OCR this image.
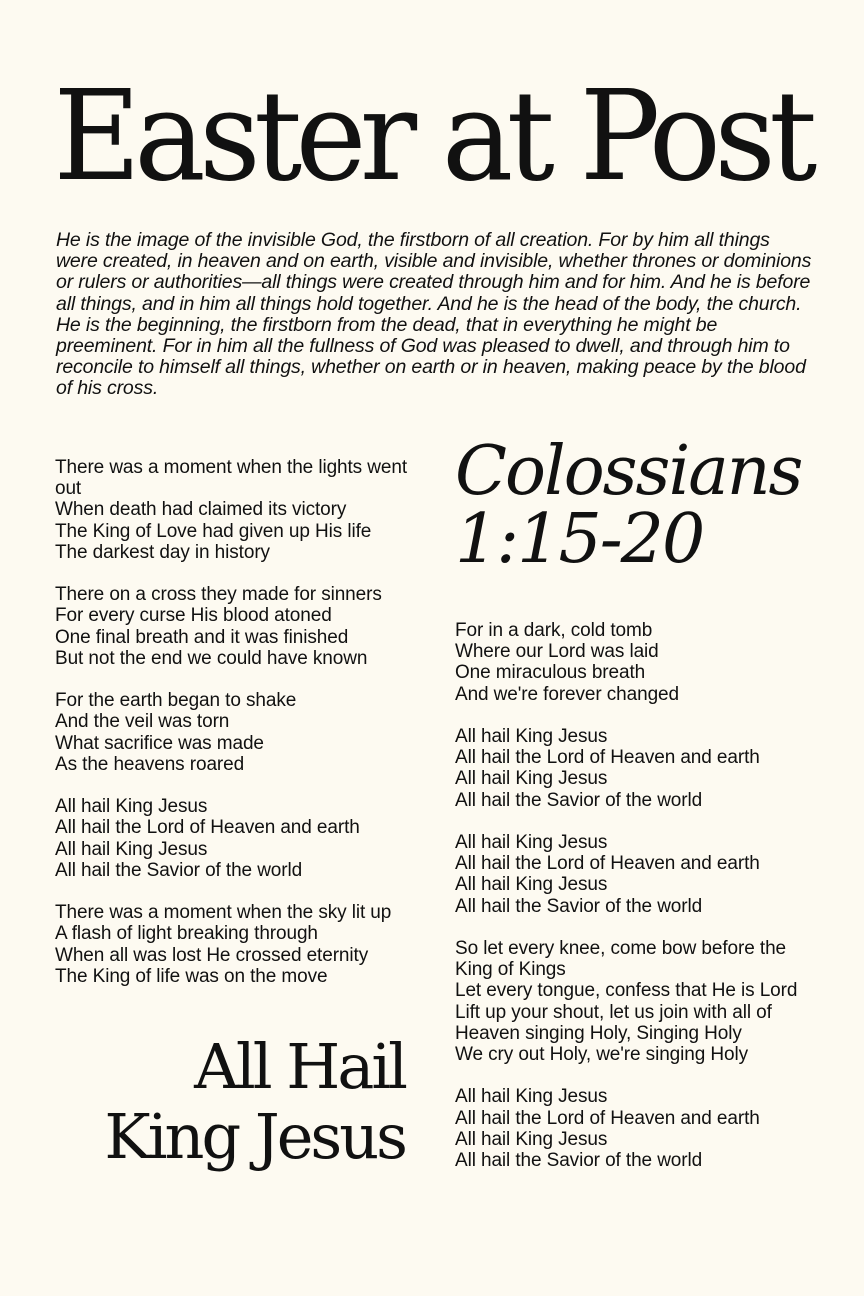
Easter at Post

He is the image of the invisible God, the firstborn of all creation. For by him all things were created, in heaven and on earth, visible and invisible, whether thrones or dominions or rulers or authorities—all things were created through him and for him. And he is before all things, and in him all things hold together. And he is the head of the body, the church. He is the beginning, the firstborn from the dead, that in everything he might be preeminent. For in him all the fullness of God was pleased to dwell, and through him to reconcile to himself all things, whether on earth or in heaven, making peace by the blood of his cross.

There was a moment when the lights went out
When death had claimed its victory
The King of Love had given up His life
The darkest day in history
There on a cross they made for sinners
For every curse His blood atoned
One final breath and it was finished
But not the end we could have known
For the earth began to shake
And the veil was torn
What sacrifice was made
As the heavens roared
All hail King Jesus
All hail the Lord of Heaven and earth
All hail King Jesus
All hail the Savior of the world
There was a moment when the sky lit up
A flash of light breaking through
When all was lost He crossed eternity
The King of life was on the move
Colossians
1:15-20
For in a dark, cold tomb
Where our Lord was laid
One miraculous breath
And we're forever changed
All hail King Jesus
All hail the Lord of Heaven and earth
All hail King Jesus
All hail the Savior of the world
All hail King Jesus
All hail the Lord of Heaven and earth
All hail King Jesus
All hail the Savior of the world
So let every knee, come bow before the
King of Kings
Let every tongue, confess that He is Lord
Lift up your shout, let us join with all of
Heaven singing Holy, Singing Holy
We cry out Holy, we're singing Holy
All hail King Jesus
All hail the Lord of Heaven and earth
All hail King Jesus
All hail the Savior of the world
All Hail
King Jesus
